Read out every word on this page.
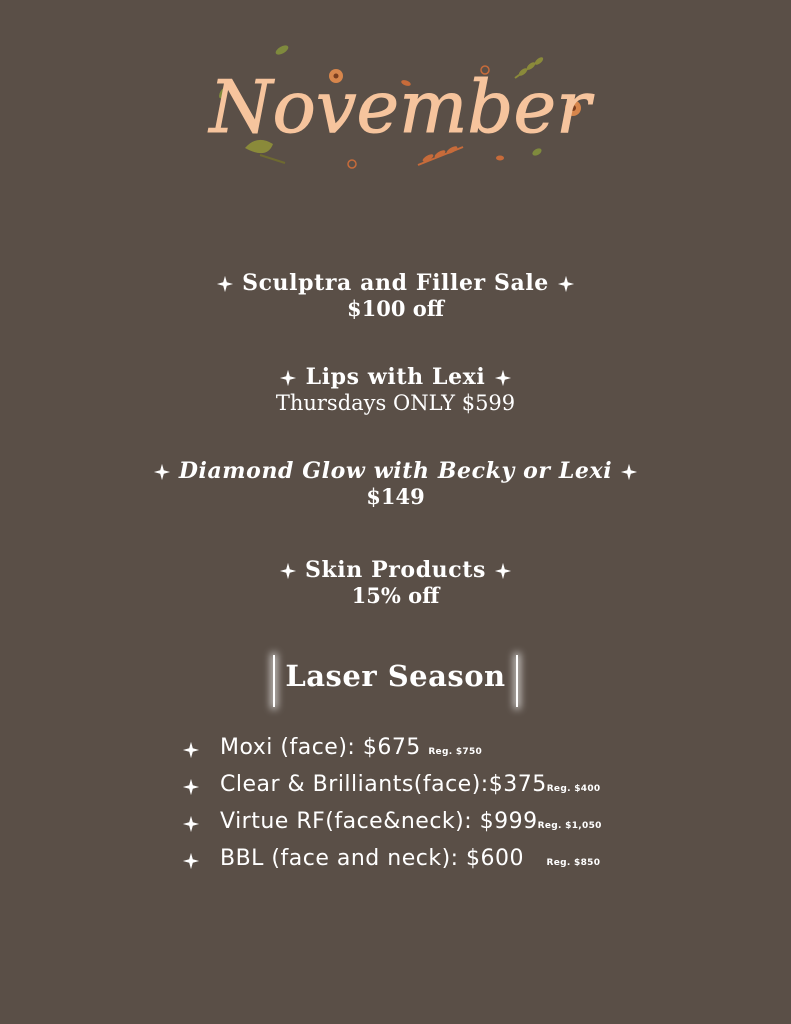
November
Sculptra and Filler Sale
$100 off
Lips with Lexi
Thursdays ONLY $599
Diamond Glow with Becky or Lexi
$149
Skin Products
15% off
Laser Season
Moxi (face): $675 Reg. $750
Clear & Brilliants(face):$375Reg. $400
Virtue RF(face&neck): $999Reg. $1,050
BBL (face and neck): $600 Reg. $850
